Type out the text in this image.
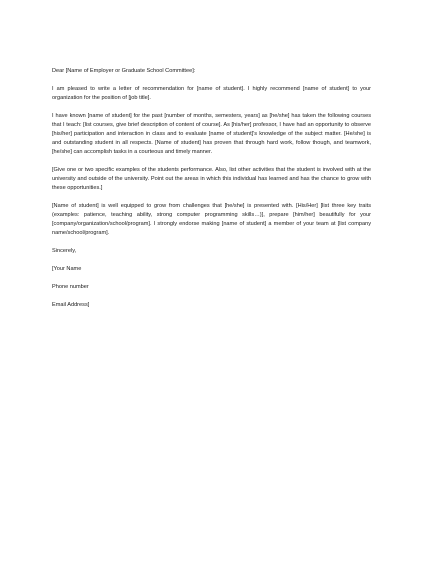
Dear [Name of Employer or Graduate School Committee]:

I am pleased to write a letter of recommendation for [name of student]. I highly recommend [name of student] to your organization for the position of [job title].

I have known [name of student] for the past [number of months, semesters, years] as [he/she] has taken the following courses that I teach: [list courses, give brief description of content of course]. As [his/her] professor, I have had an opportunity to observe [his/her] participation and interaction in class and to evaluate [name of student]'s knowledge of the subject matter. [He/she] is and outstanding student in all respects. [Name of student] has proven that through hard work, follow though, and teamwork, [he/she] can accomplish tasks in a courteous and timely manner.

[Give one or two specific examples of the students performance. Also, list other activities that the student is involved with at the university and outside of the university. Point out the areas in which this individual has learned and has the chance to grow with these opportunities.]

[Name of student] is well equipped to grow from challenges that [he/she] is presented with. [His/Her] [list three key traits (examples: patience, teaching ability, strong computer programming skills…)], prepare [him/her] beautifully for your [company/organization/school/program]. I strongly endorse making [name of student] a member of your team at [list company name/school/program].

Sincerely,

[Your Name

Phone number

Email Address]
